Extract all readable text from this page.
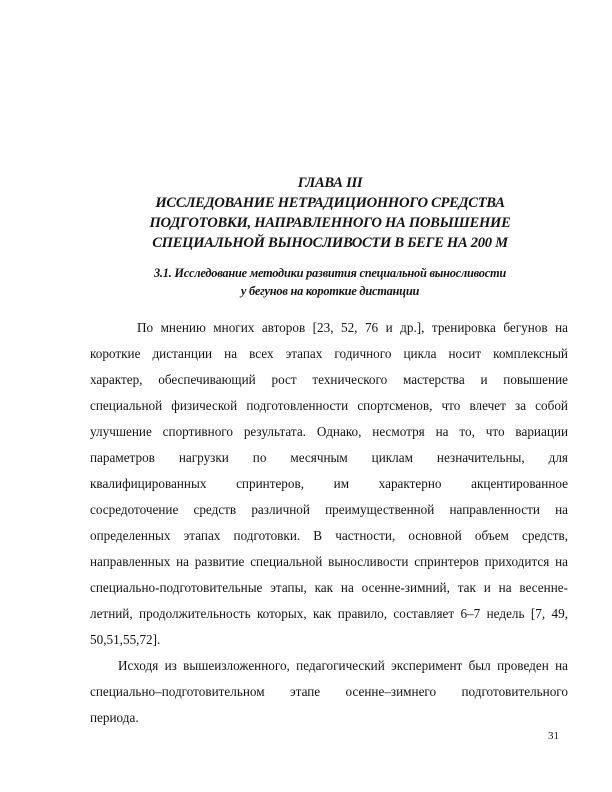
ГЛАВА III
ИССЛЕДОВАНИЕ НЕТРАДИЦИОННОГО СРЕДСТВА
ПОДГОТОВКИ, НАПРАВЛЕННОГО НА ПОВЫШЕНИЕ
СПЕЦИАЛЬНОЙ ВЫНОСЛИВОСТИ В БЕГЕ НА 200 М
3.1. Исследование методики развития специальной выносливости
у бегунов на короткие дистанции
По мнению многих авторов [23, 52, 76 и др.], тренировка бегунов на
короткие дистанции на всех этапах годичного цикла носит комплексный
характер, обеспечивающий рост технического мастерства и повышение
специальной физической подготовленности спортсменов, что влечет за собой
улучшение спортивного результата. Однако, несмотря на то, что вариации
параметров нагрузки по месячным циклам незначительны, для
квалифицированных спринтеров, им характерно акцентированное
сосредоточение средств различной преимущественной направленности на
определенных этапах подготовки. В частности, основной объем средств,
направленных на развитие специальной выносливости спринтеров приходится на
специально-подготовительные этапы, как на осенне-зимний, так и на весенне-
летний, продолжительность которых, как правило, составляет 6–7 недель [7, 49,
50,51,55,72].
Исходя из вышеизложенного, педагогический эксперимент был проведен на
специально–подготовительном этапе осенне–зимнего подготовительного
периода.
31
